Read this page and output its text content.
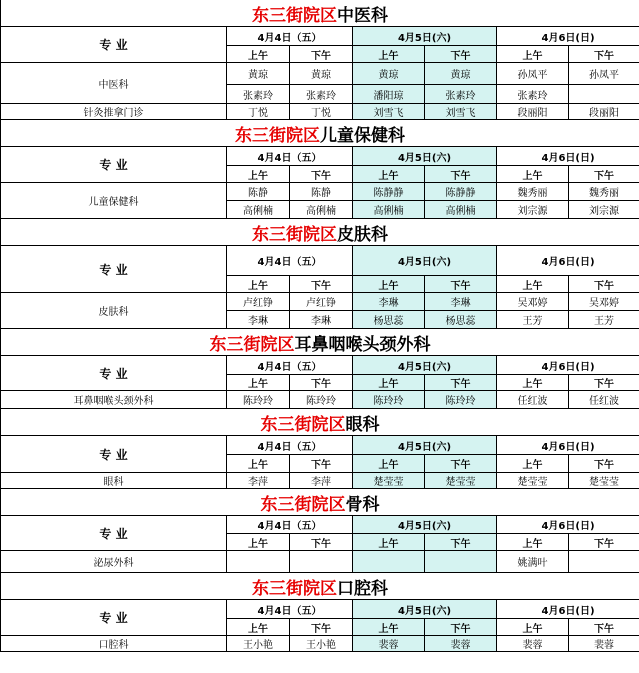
东三街院区中医科						
专 业	4月4日（五）		4月5日(六)		4月6日(日)	
	上午	下午	上午	下午	上午	下午
中医科	黄琼	黄琼	黄琼	黄琼	孙凤平	孙凤平
	张素玲	张素玲	潘阳琼	张素玲	张素玲	
针灸推拿门诊	丁悦	丁悦	刘雪飞	刘雪飞	段丽阳	段丽阳
东三街院区儿童保健科						
专 业	4月4日（五）		4月5日(六)		4月6日(日)	
	上午	下午	上午	下午	上午	下午
儿童保健科	陈静	陈静	陈静静	陈静静	魏秀丽	魏秀丽
	高俐楠	高俐楠	高俐楠	高俐楠	刘宗源	刘宗源
东三街院区皮肤科						
专 业	4月4日（五）		4月5日(六)		4月6日(日)	
	上午	下午	上午	下午	上午	下午
皮肤科	卢红铮	卢红铮	李琳	李琳	吴邓婷	吴邓婷
	李琳	李琳	杨思蕊	杨思蕊	王芳	王芳
东三街院区耳鼻咽喉头颈外科						
专 业	4月4日（五）		4月5日(六)		4月6日(日)	
	上午	下午	上午	下午	上午	下午
耳鼻咽喉头颈外科	陈玲玲	陈玲玲	陈玲玲	陈玲玲	任红波	任红波
东三街院区眼科						
专 业	4月4日（五）		4月5日(六)		4月6日(日)	
	上午	下午	上午	下午	上午	下午
眼科	李萍	李萍	楚莹莹	楚莹莹	楚莹莹	楚莹莹
东三街院区骨科						
专 业	4月4日（五）		4月5日(六)		4月6日(日)	
	上午	下午	上午	下午	上午	下午
泌尿外科					姚满叶	
东三街院区口腔科						
专 业	4月4日（五）		4月5日(六)		4月6日(日)	
	上午	下午	上午	下午	上午	下午
口腔科	王小艳	王小艳	裴蓉	裴蓉	裴蓉	裴蓉
